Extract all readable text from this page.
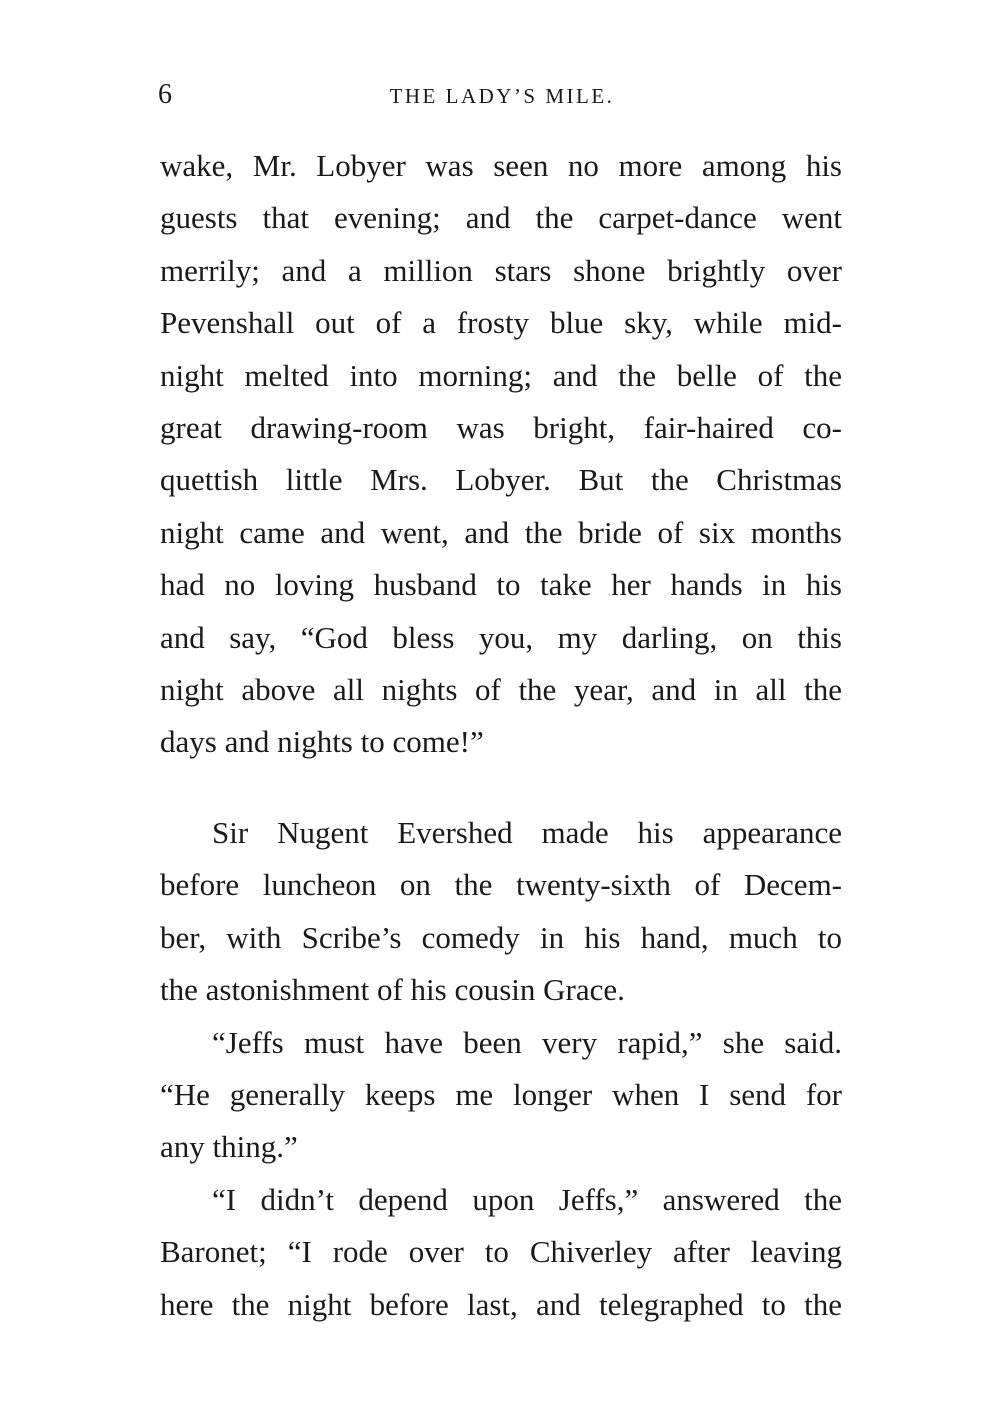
6	THE LADY’S MILE.
wake, Mr. Lobyer was seen no more among his
guests that evening; and the carpet-dance went
merrily; and a million stars shone brightly over
Pevenshall out of a frosty blue sky, while mid-
night melted into morning; and the belle of the
great drawing-room was bright, fair-haired co-
quettish little Mrs. Lobyer. But the Christmas
night came and went, and the bride of six months
had no loving husband to take her hands in his
and say, “God bless you, my darling, on this
night above all nights of the year, and in all the
days and nights to come!”
Sir Nugent Evershed made his appearance
before luncheon on the twenty-sixth of Decem-
ber, with Scribe’s comedy in his hand, much to
the astonishment of his cousin Grace.
“Jeffs must have been very rapid,” she said.
“He generally keeps me longer when I send for
any thing.”
“I didn’t depend upon Jeffs,” answered the
Baronet; “I rode over to Chiverley after leaving
here the night before last, and telegraphed to the
